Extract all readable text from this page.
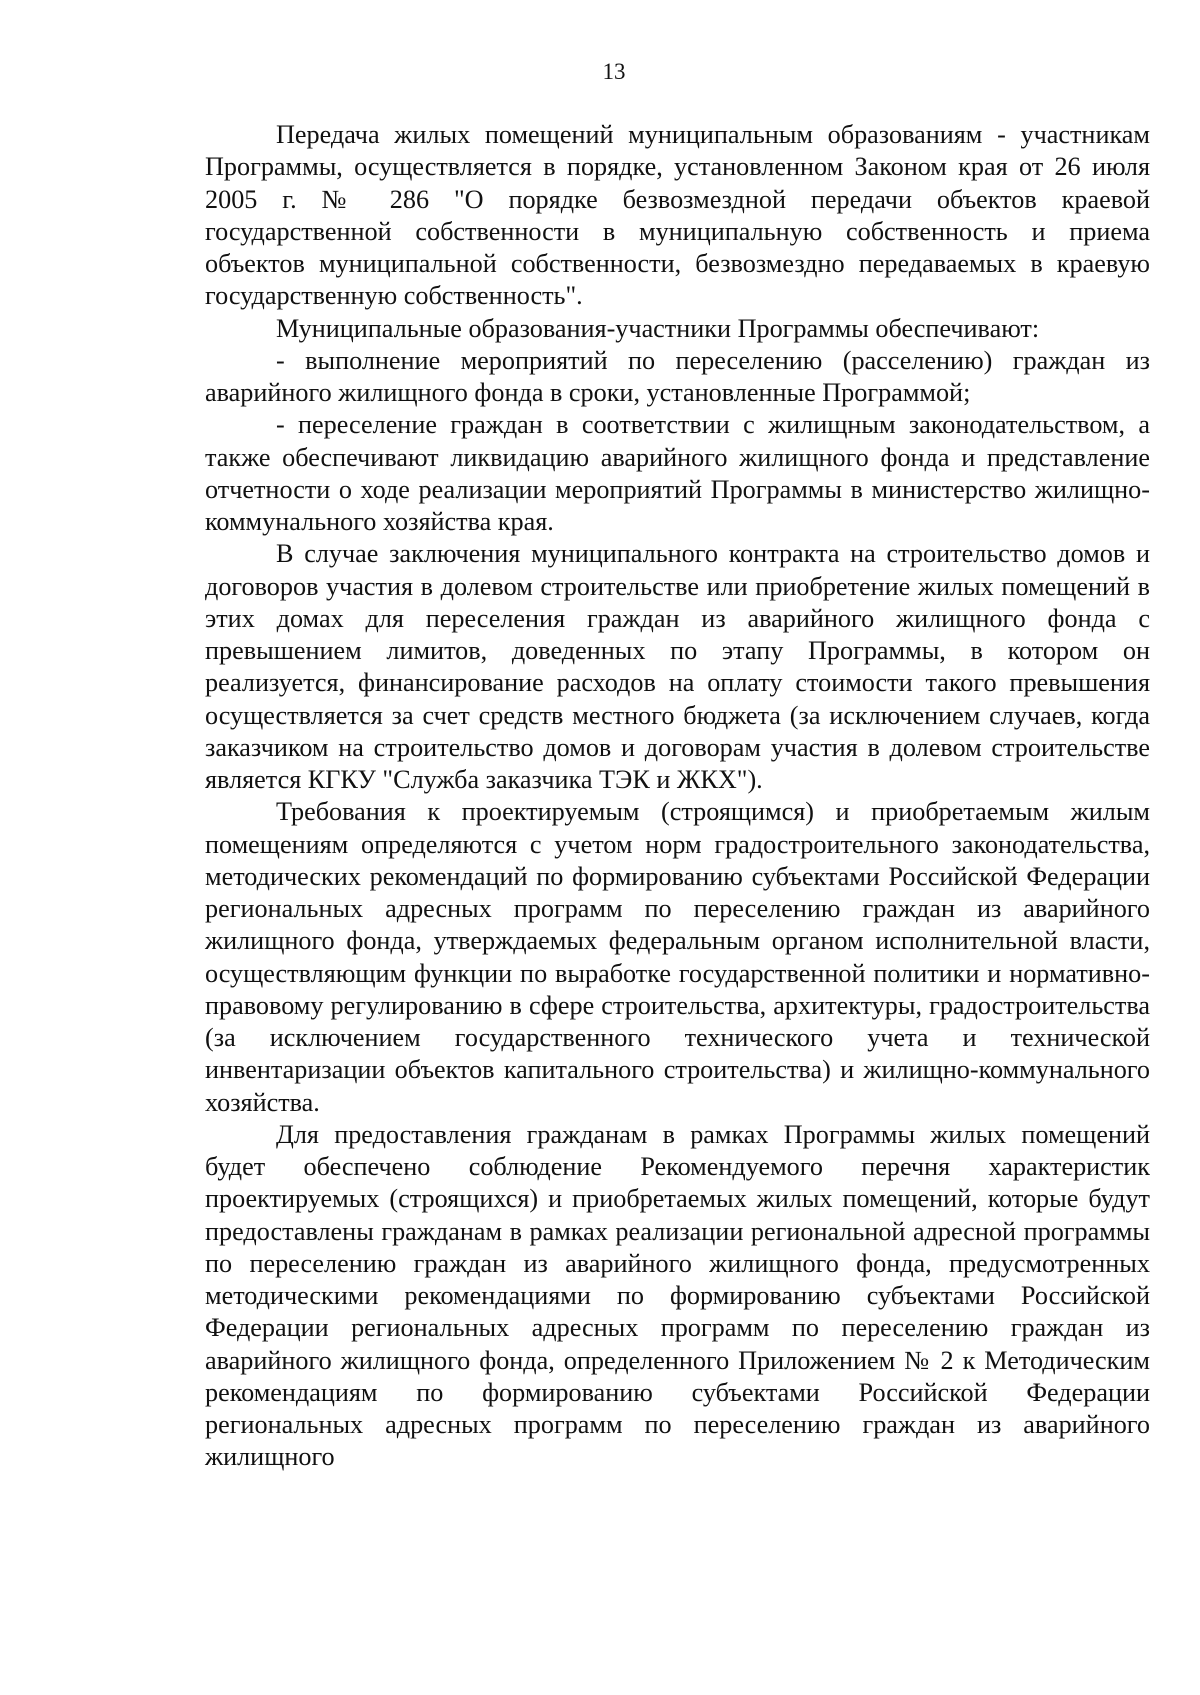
13

Передача жилых помещений муниципальным образованиям - участникам Программы, осуществляется в порядке, установленном Законом края от 26 июля 2005 г. № 286 "О порядке безвозмездной передачи объектов краевой государственной собственности в муниципальную собственность и приема объектов муниципальной собственности, безвозмездно передаваемых в краевую государственную собственность".

Муниципальные образования-участники Программы обеспечивают:

- выполнение мероприятий по переселению (расселению) граждан из аварийного жилищного фонда в сроки, установленные Программой;

- переселение граждан в соответствии с жилищным законодательством, а также обеспечивают ликвидацию аварийного жилищного фонда и представление отчетности о ходе реализации мероприятий Программы в министерство жилищно-коммунального хозяйства края.

В случае заключения муниципального контракта на строительство домов и договоров участия в долевом строительстве или приобретение жилых помещений в этих домах для переселения граждан из аварийного жилищного фонда с превышением лимитов, доведенных по этапу Программы, в котором он реализуется, финансирование расходов на оплату стоимости такого превышения осуществляется за счет средств местного бюджета (за исключением случаев, когда заказчиком на строительство домов и договорам участия в долевом строительстве является КГКУ "Служба заказчика ТЭК и ЖКХ").

Требования к проектируемым (строящимся) и приобретаемым жилым помещениям определяются с учетом норм градостроительного законодательства, методических рекомендаций по формированию субъектами Российской Федерации региональных адресных программ по переселению граждан из аварийного жилищного фонда, утверждаемых федеральным органом исполнительной власти, осуществляющим функции по выработке государственной политики и нормативно-правовому регулированию в сфере строительства, архитектуры, градостроительства (за исключением государственного технического учета и технической инвентаризации объектов капитального строительства) и жилищно-коммунального хозяйства.

Для предоставления гражданам в рамках Программы жилых помещений будет обеспечено соблюдение Рекомендуемого перечня характеристик проектируемых (строящихся) и приобретаемых жилых помещений, которые будут предоставлены гражданам в рамках реализации региональной адресной программы по переселению граждан из аварийного жилищного фонда, предусмотренных методическими рекомендациями по формированию субъектами Российской Федерации региональных адресных программ по переселению граждан из аварийного жилищного фонда, определенного Приложением № 2 к Методическим рекомендациям по формированию субъектами Российской Федерации региональных адресных программ по переселению граждан из аварийного жилищного
